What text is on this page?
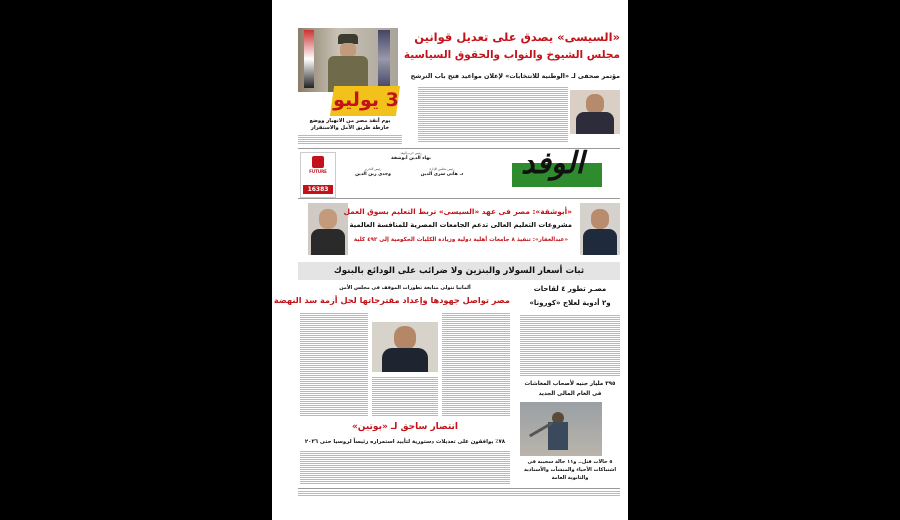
«السيسى» يصدق على تعديل قوانين
مجلس الشيوخ والنواب والحقوق السياسية
مؤتمر صحفى لـ «الوطنية للانتخابات» لإعلان مواعيد فتح باب الترشح
3 يوليو
يوم أنقذ مصر من الانهيار ووضع
خارطة طريق الأمل والاستقرار
الوفد
رئيس حزب الوفد
بهاء الدين أبوشقة
رئيس مجلس الإدارة
د. هانى سرى الدين
رئيس التحرير
وجدى زين الدين
FUTURE
16383
«أبوشقة»: مصر فى عهد «السيسى» تربط التعليم بسوق العمل
مشروعات التعليم العالى تدعم الجامعات المصرية للمنافسة العالمية
«عبدالغفار»: تنفيذ ٨ جامعات أهلية دولية وزيادة الكليات الحكومية إلى ٤٩٢ كلية
ثبات أسعار السولار والبنزين ولا ضرائب على الودائع بالبنوك
مصـر تطور ٤ لقاحات
و٢ أدوية لعلاج «كورونا»
٣٩٥ مليار جنيه لأصحاب المعاشات
فى العام المالى الجديد
٥ حالات قتل.. و١١ حالة سحيبة فى اشتباكات الأحياء والمنشآت والأستاذية والثانوية العامة
ألمانيا تتولى متابعة تطورات الموقف فى مجلس الأمن
مصر تواصل جهودها وإعداد مقترحاتها لحل أزمة سد النهضة
انتصار ساحق لـ «بوتين»
٧٨٪ يوافقون على تعديلات دستورية لتأييد استمراره رئيساً لروسيا حتى ٢٠٣٦
